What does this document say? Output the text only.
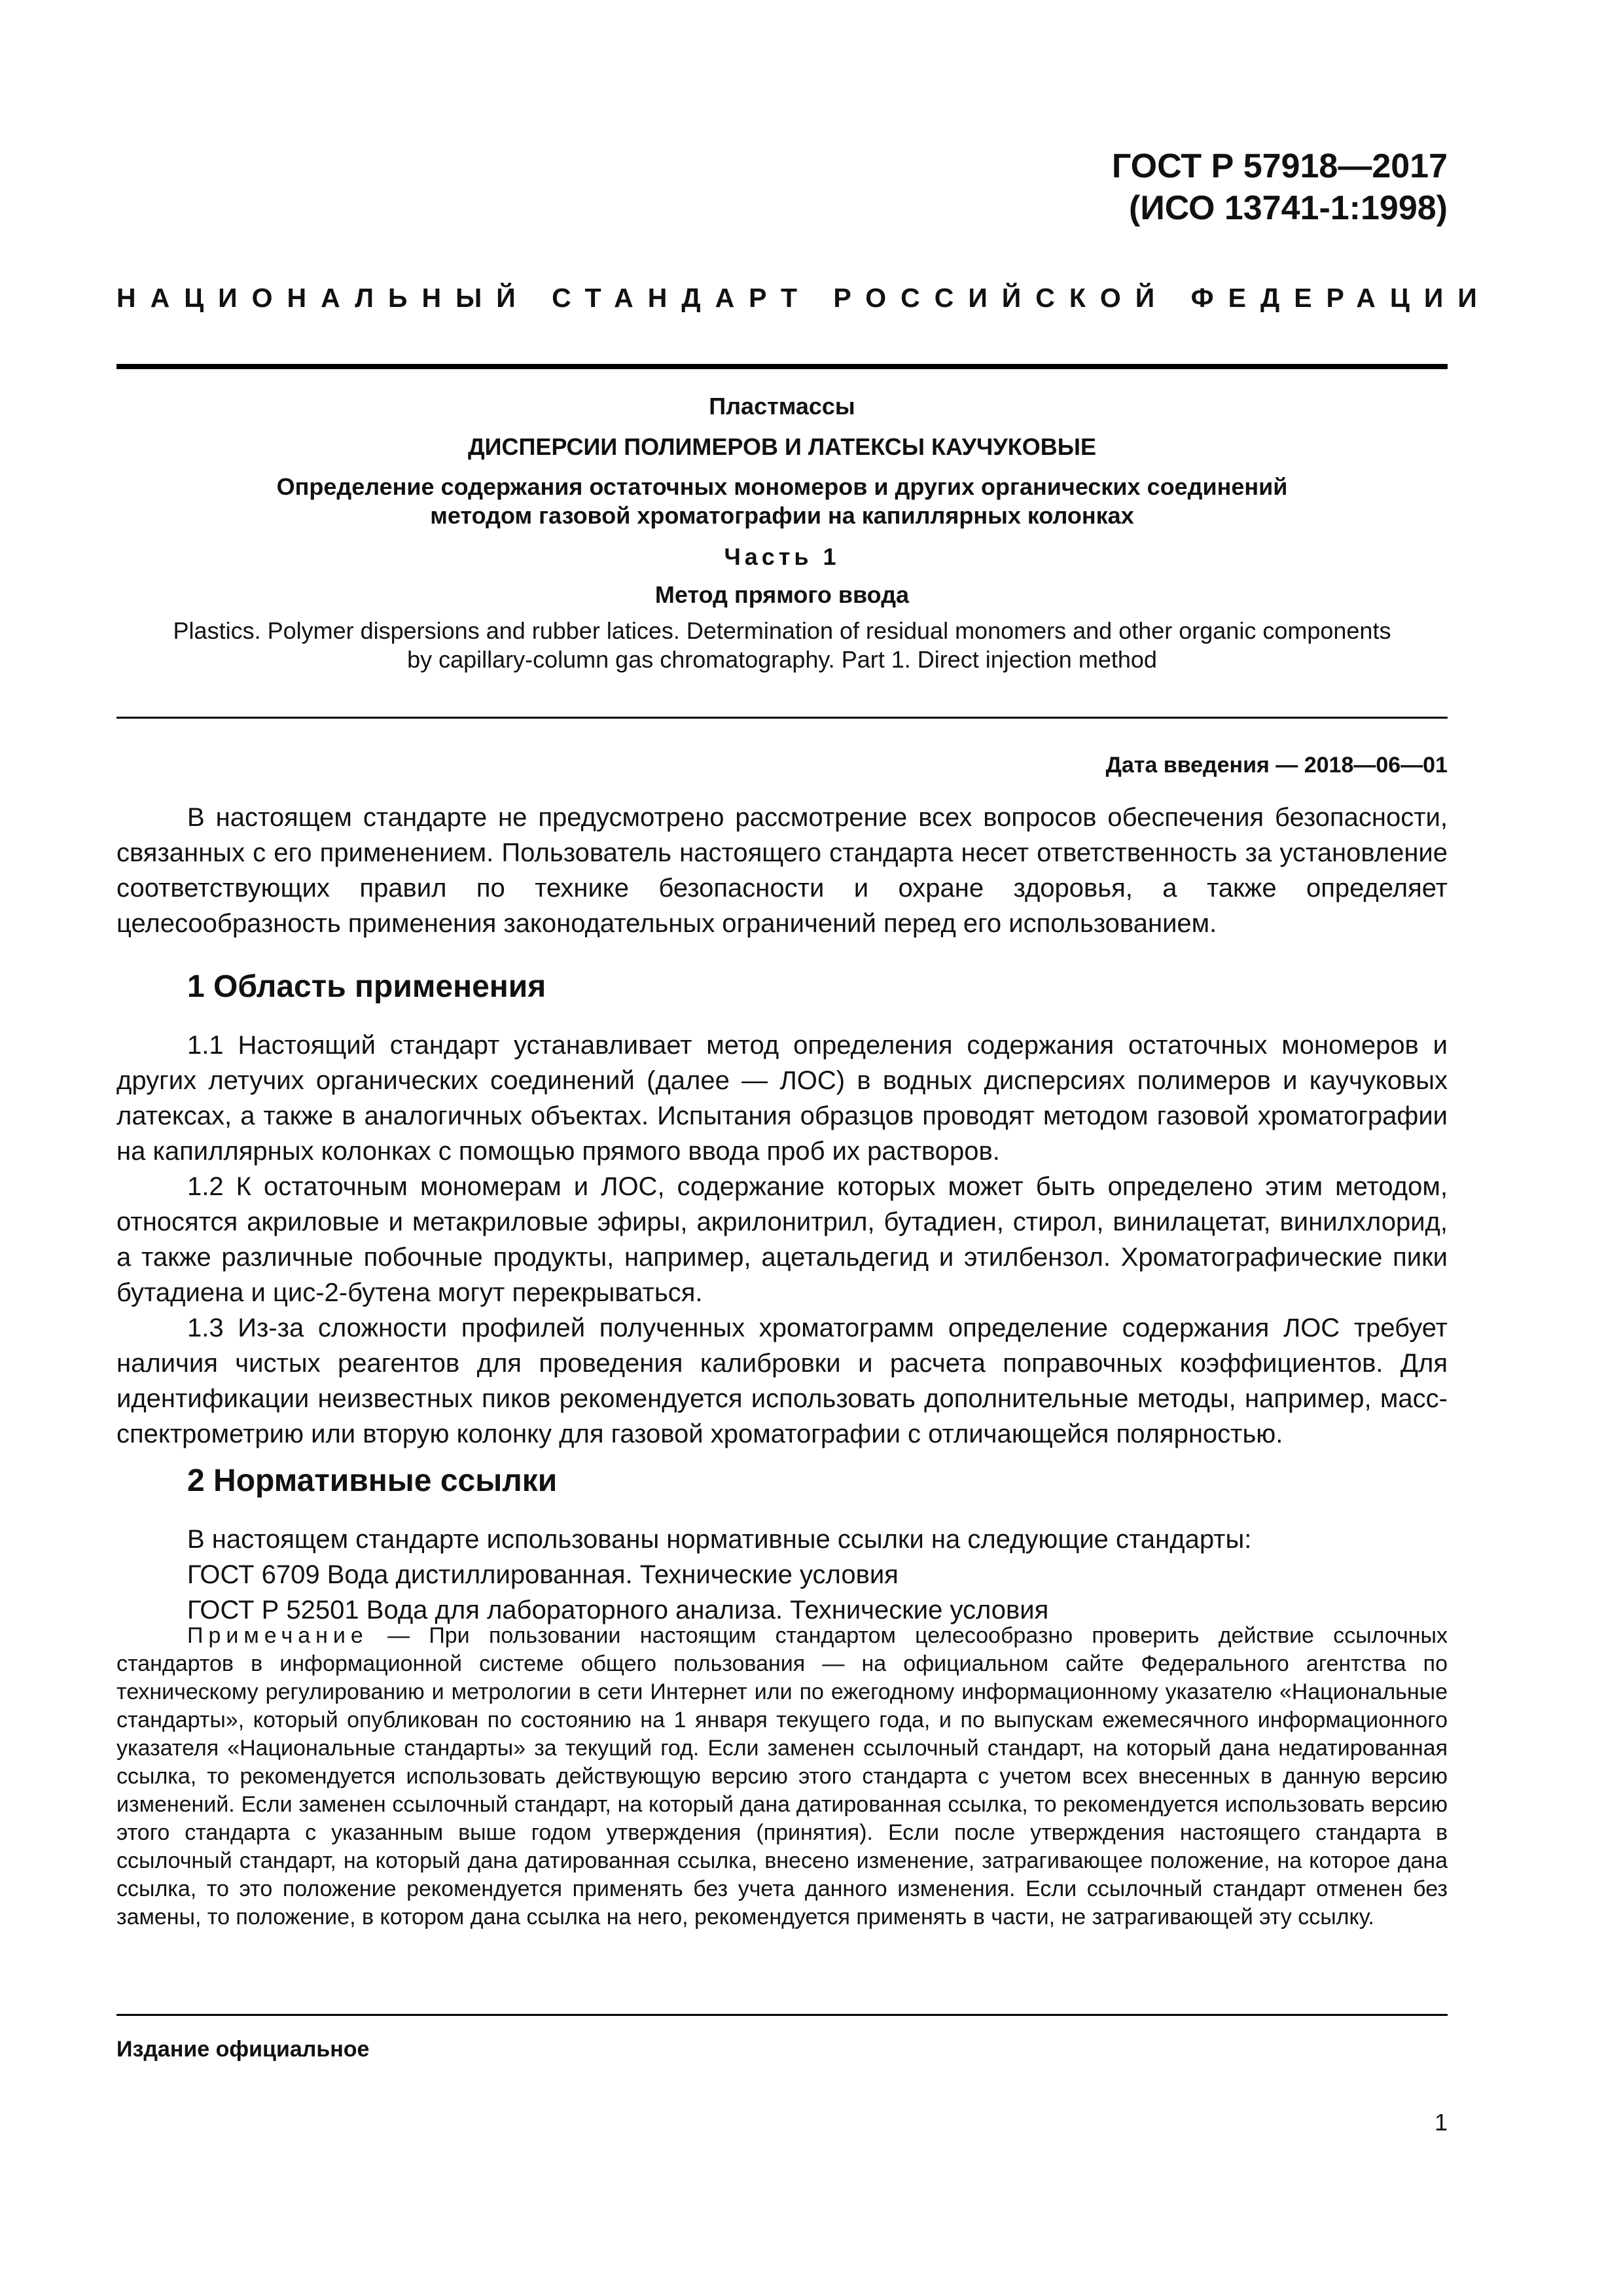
ГОСТ Р 57918—2017
(ИСО 13741-1:1998)
НАЦИОНАЛЬНЫЙ СТАНДАРТ РОССИЙСКОЙ ФЕДЕРАЦИИ
Пластмассы
ДИСПЕРСИИ ПОЛИМЕРОВ И ЛАТЕКСЫ КАУЧУКОВЫЕ
Определение содержания остаточных мономеров и других органических соединений
методом газовой хроматографии на капиллярных колонках
Часть 1
Метод прямого ввода
Plastics. Polymer dispersions and rubber latices. Determination of residual monomers and other organic components
by capillary-column gas chromatography. Part 1. Direct injection method
Дата введения — 2018—06—01

В настоящем стандарте не предусмотрено рассмотрение всех вопросов обеспечения безопасности, связанных с его применением. Пользователь настоящего стандарта несет ответственность за установление соответствующих правил по технике безопасности и охране здоровья, а также определяет целесообразность применения законодательных ограничений перед его использованием.

1 Область применения

1.1 Настоящий стандарт устанавливает метод определения содержания остаточных мономеров и других летучих органических соединений (далее — ЛОС) в водных дисперсиях полимеров и каучуковых латексах, а также в аналогичных объектах. Испытания образцов проводят методом газовой хроматографии на капиллярных колонках с помощью прямого ввода проб их растворов.

1.2 К остаточным мономерам и ЛОС, содержание которых может быть определено этим методом, относятся акриловые и метакриловые эфиры, акрилонитрил, бутадиен, стирол, винилацетат, винилхлорид, а также различные побочные продукты, например, ацетальдегид и этилбензол. Хроматографические пики бутадиена и цис-2-бутена могут перекрываться.

1.3 Из-за сложности профилей полученных хроматограмм определение содержания ЛОС требует наличия чистых реагентов для проведения калибровки и расчета поправочных коэффициентов. Для идентификации неизвестных пиков рекомендуется использовать дополнительные методы, например, масс-спектрометрию или вторую колонку для газовой хроматографии с отличающейся полярностью.

2 Нормативные ссылки

В настоящем стандарте использованы нормативные ссылки на следующие стандарты:

ГОСТ 6709 Вода дистиллированная. Технические условия

ГОСТ Р 52501 Вода для лабораторного анализа. Технические условия

Примечание — При пользовании настоящим стандартом целесообразно проверить действие ссылочных стандартов в информационной системе общего пользования — на официальном сайте Федерального агентства по техническому регулированию и метрологии в сети Интернет или по ежегодному информационному указателю «Национальные стандарты», который опубликован по состоянию на 1 января текущего года, и по выпускам ежемесячного информационного указателя «Национальные стандарты» за текущий год. Если заменен ссылочный стандарт, на который дана недатированная ссылка, то рекомендуется использовать действующую версию этого стандарта с учетом всех внесенных в данную версию изменений. Если заменен ссылочный стандарт, на который дана датированная ссылка, то рекомендуется использовать версию этого стандарта с указанным выше годом утверждения (принятия). Если после утверждения настоящего стандарта в ссылочный стандарт, на который дана датированная ссылка, внесено изменение, затрагивающее положение, на которое дана ссылка, то это положение рекомендуется применять без учета данного изменения. Если ссылочный стандарт отменен без замены, то положение, в котором дана ссылка на него, рекомендуется применять в части, не затрагивающей эту ссылку.
Издание официальное
1
